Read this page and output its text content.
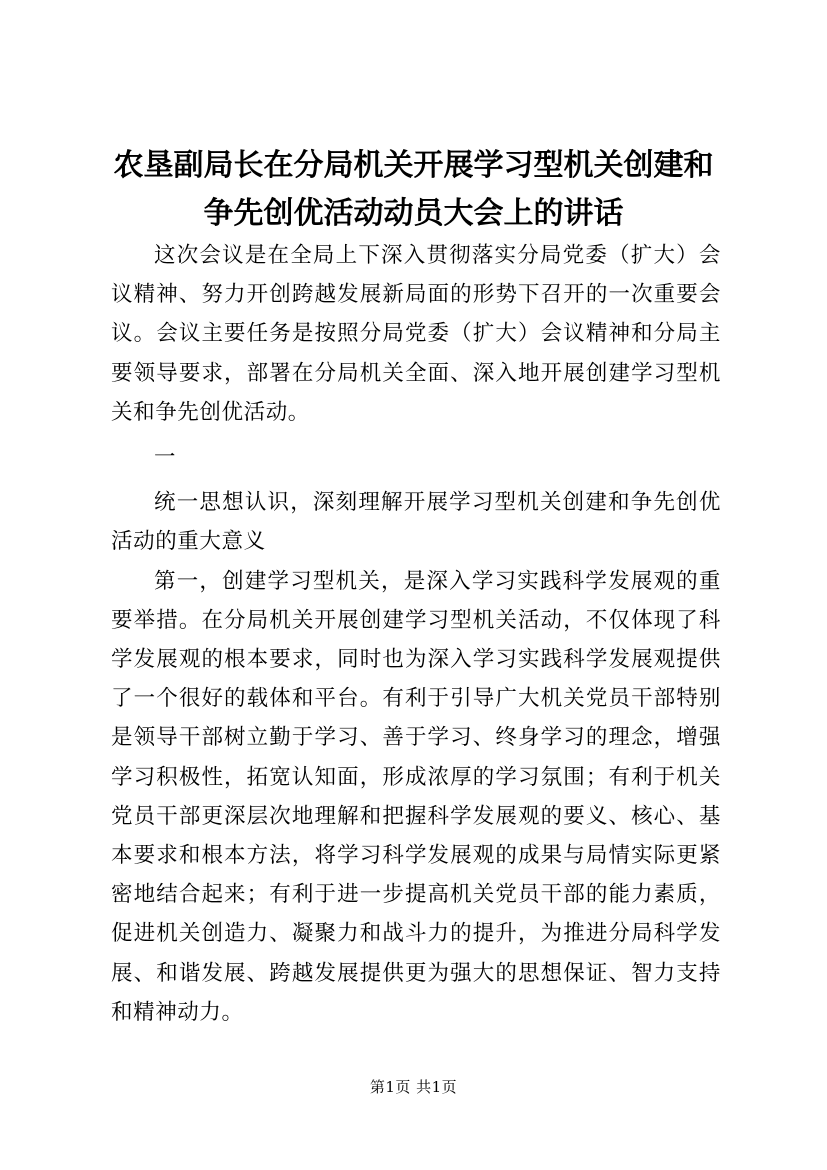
农垦副局长在分局机关开展学习型机关创建和
争先创优活动动员大会上的讲话

这次会议是在全局上下深入贯彻落实分局党委（扩大）会议精神、努力开创跨越发展新局面的形势下召开的一次重要会议。会议主要任务是按照分局党委（扩大）会议精神和分局主要领导要求，部署在分局机关全面、深入地开展创建学习型机关和争先创优活动。

一

统一思想认识，深刻理解开展学习型机关创建和争先创优活动的重大意义

第一，创建学习型机关，是深入学习实践科学发展观的重要举措。在分局机关开展创建学习型机关活动，不仅体现了科学发展观的根本要求，同时也为深入学习实践科学发展观提供了一个很好的载体和平台。有利于引导广大机关党员干部特别是领导干部树立勤于学习、善于学习、终身学习的理念，增强学习积极性，拓宽认知面，形成浓厚的学习氛围；有利于机关党员干部更深层次地理解和把握科学发展观的要义、核心、基本要求和根本方法，将学习科学发展观的成果与局情实际更紧密地结合起来；有利于进一步提高机关党员干部的能力素质，促进机关创造力、凝聚力和战斗力的提升，为推进分局科学发展、和谐发展、跨越发展提供更为强大的思想保证、智力支持和精神动力。

第1页 共1页
